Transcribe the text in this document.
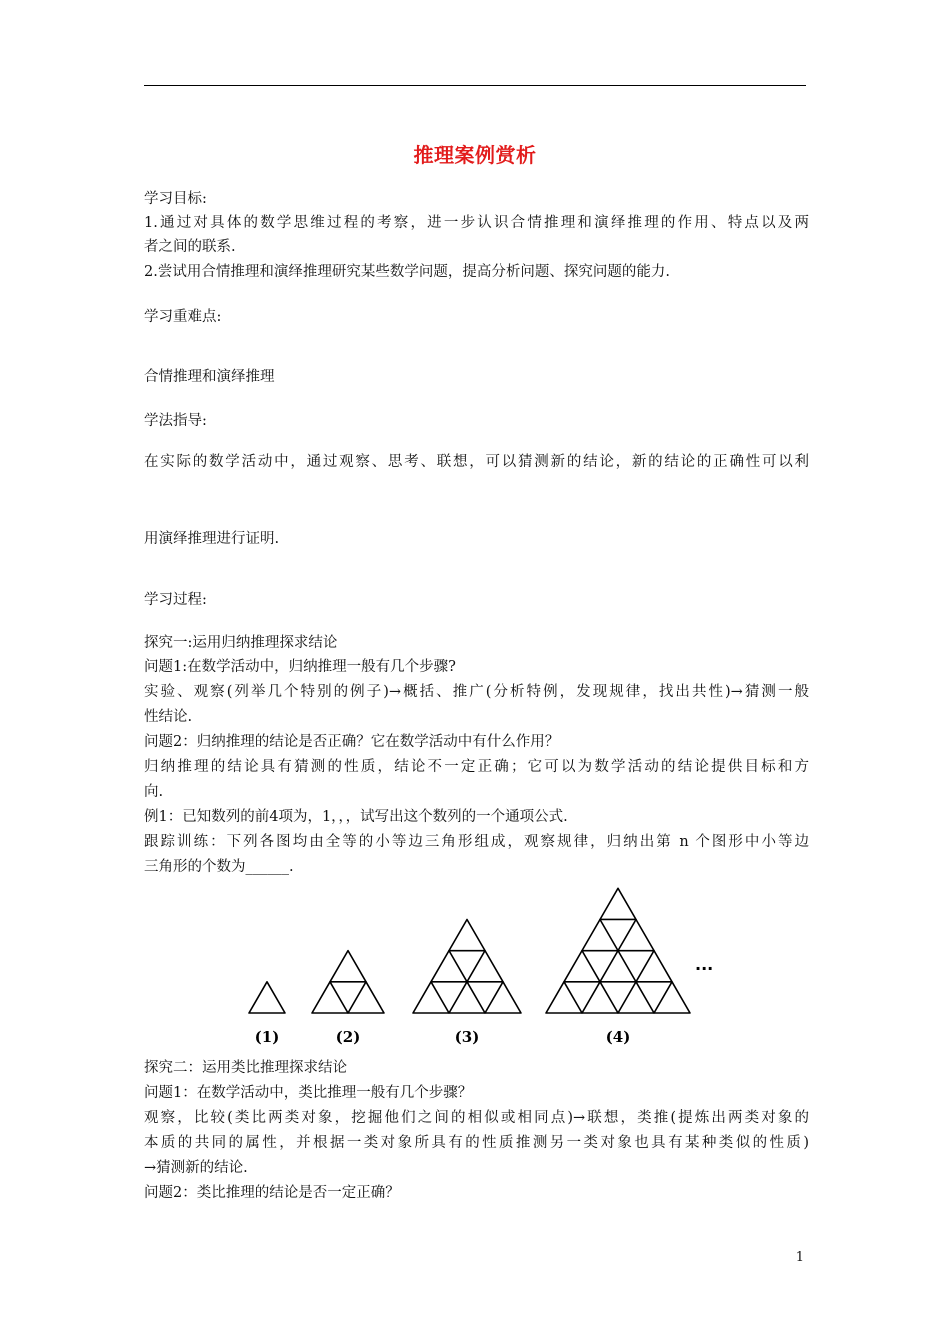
推理案例赏析
学习目标:
1.通过对具体的数学思维过程的考察，进一步认识合情推理和演绎推理的作用、特点以及两
者之间的联系.
2.尝试用合情推理和演绎推理研究某些数学问题，提高分析问题、探究问题的能力.
学习重难点:
合情推理和演绎推理
学法指导:
在实际的数学活动中，通过观察、思考、联想，可以猜测新的结论，新的结论的正确性可以利
用演绎推理进行证明.
学习过程:
探究一:运用归纳推理探求结论
问题1:在数学活动中，归纳推理一般有几个步骤?
实验、观察(列举几个特别的例子)→概括、推广(分析特例，发现规律，找出共性)→猜测一般
性结论.
问题2：归纳推理的结论是否正确？它在数学活动中有什么作用？
归纳推理的结论具有猜测的性质，结论不一定正确；它可以为数学活动的结论提供目标和方
向.
例1：已知数列的前4项为，1，，，试写出这个数列的一个通项公式.
跟踪训练：下列各图均由全等的小等边三角形组成，观察规律，归纳出第 n 个图形中小等边
三角形的个数为______.
···
(1)	(2)	(3)	(4)
探究二：运用类比推理探求结论
问题1：在数学活动中，类比推理一般有几个步骤？
观察，比较(类比两类对象，挖掘他们之间的相似或相同点)→联想，类推(提炼出两类对象的
本质的共同的属性，并根据一类对象所具有的性质推测另一类对象也具有某种类似的性质)
→猜测新的结论.
问题2：类比推理的结论是否一定正确？
1
